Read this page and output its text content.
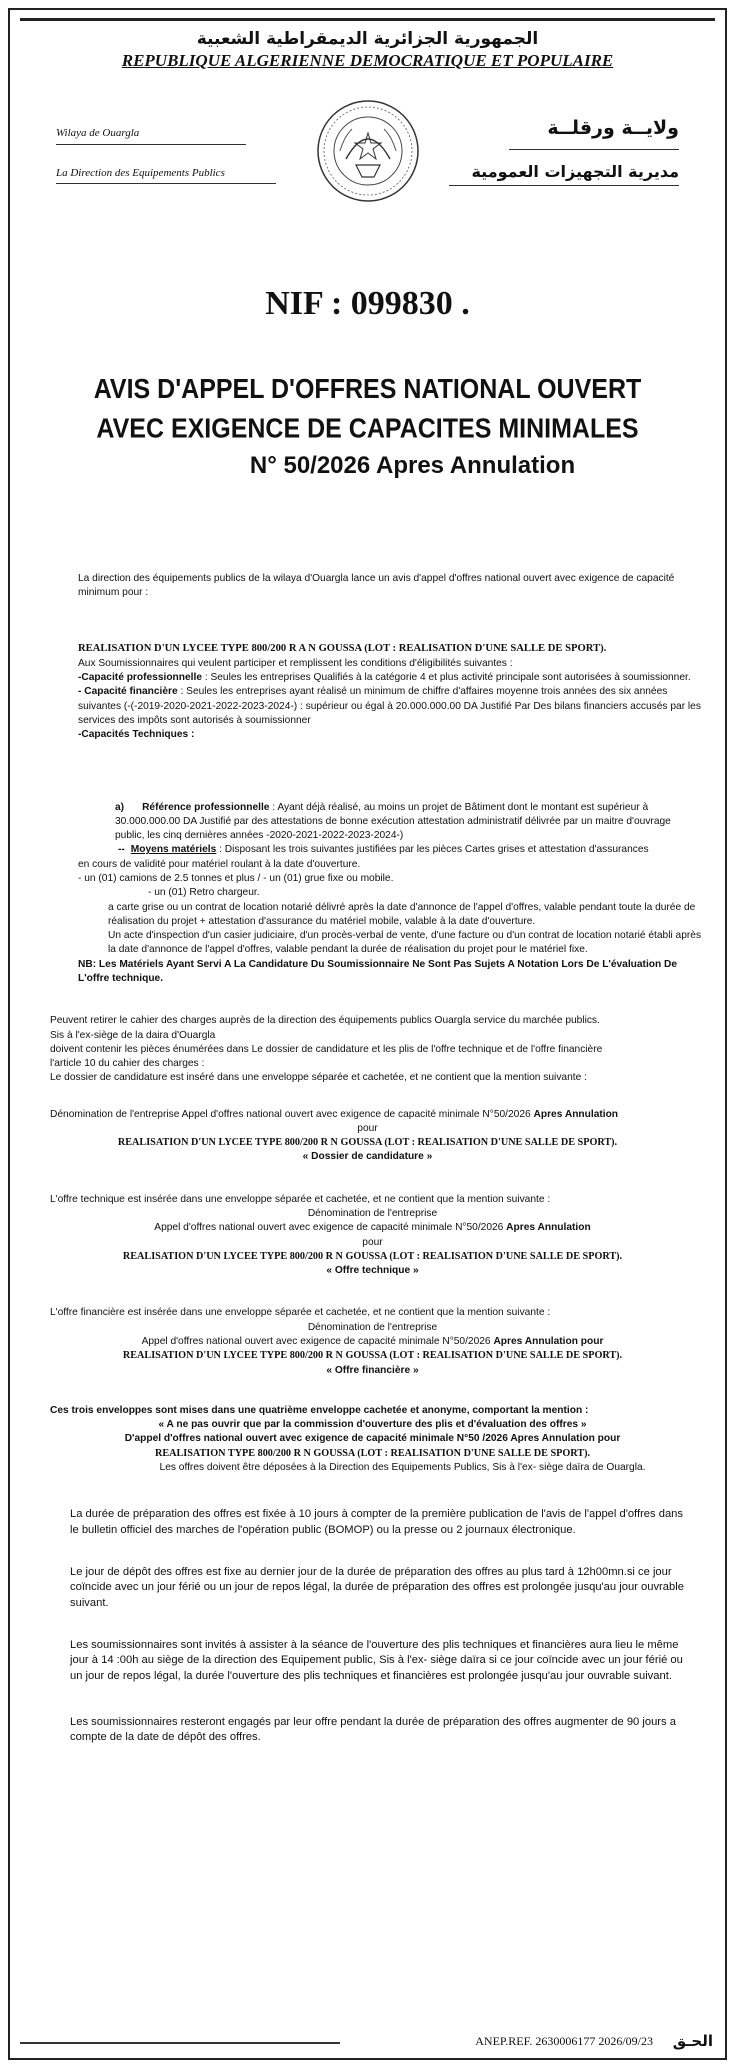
الجمهورية الجزائرية الديمقراطية الشعبية
REPUBLIQUE ALGERIENNE DEMOCRATIQUE ET POPULAIRE
Wilaya de Ouargla
La Direction des Equipements Publics
ولايــة ورقلــة
مديرية التجهيزات العمومية
NIF : 099830 .
AVIS D'APPEL D'OFFRES NATIONAL OUVERT
AVEC EXIGENCE DE CAPACITES MINIMALES
N° 50/2026 Apres Annulation

La direction des équipements publics de la wilaya d'Ouargla lance un avis d'appel d'offres national ouvert avec exigence de capacité minimum pour :

REALISATION D'UN LYCEE TYPE 800/200 R A N GOUSSA (LOT : REALISATION D'UNE SALLE DE SPORT).

Aux Soumissionnaires qui veulent participer et remplissent les conditions d'éligibilités suivantes :

-Capacité professionnelle : Seules les entreprises Qualifiés à la catégorie 4 et plus activité principale sont autorisées à soumissionner.

- Capacité financière : Seules les entreprises ayant réalisé un minimum de chiffre d'affaires moyenne trois années des six années suivantes (-(-2019-2020-2021-2022-2023-2024-) : supérieur ou égal à 20.000.000.00 DA Justifié Par Des bilans financiers accusés par les services des impôts sont autorisés à soumissionner

-Capacités Techniques :

a) Référence professionnelle : Ayant déjà réalisé, au moins un projet de Bâtiment dont le montant est supérieur à 30.000.000.00 DA Justifié par des attestations de bonne exécution attestation administratif délivrée par un maitre d'ouvrage public, les cinq dernières années -2020-2021-2022-2023-2024-)

-- Moyens matériels : Disposant les trois suivantes justifiées par les pièces Cartes grises et attestation d'assurances

en cours de validité pour matériel roulant à la date d'ouverture.

- un (01) camions de 2.5 tonnes et plus / - un (01) grue fixe ou mobile.

- un (01) Retro chargeur.

a carte grise ou un contrat de location notarié délivré après la date d'annonce de l'appel d'offres, valable pendant toute la durée de réalisation du projet + attestation d'assurance du matériel mobile, valable à la date d'ouverture.

Un acte d'inspection d'un casier judiciaire, d'un procès-verbal de vente, d'une facture ou d'un contrat de location notarié établi après la date d'annonce de l'appel d'offres, valable pendant la durée de réalisation du projet pour le matériel fixe.

NB: Les Matériels Ayant Servi A La Candidature Du Soumissionnaire Ne Sont Pas Sujets A Notation Lors De L'évaluation De L'offre technique.

Peuvent retirer le cahier des charges auprès de la direction des équipements publics Ouargla service du marchée publics.

Sis à l'ex-siège de la daira d'Ouargla

doivent contenir les pièces énumérées dans Le dossier de candidature et les plis de l'offre technique et de l'offre financière

l'article 10 du cahier des charges :

Le dossier de candidature est inséré dans une enveloppe séparée et cachetée, et ne contient que la mention suivante :

Dénomination de l'entreprise Appel d'offres national ouvert avec exigence de capacité minimale N°50/2026 Apres Annulation

pour

REALISATION D'UN LYCEE TYPE 800/200 R N GOUSSA (LOT : REALISATION D'UNE SALLE DE SPORT).

« Dossier de candidature »

L'offre technique est insérée dans une enveloppe séparée et cachetée, et ne contient que la mention suivante :

Dénomination de l'entreprise

Appel d'offres national ouvert avec exigence de capacité minimale N°50/2026 Apres Annulation

pour

REALISATION D'UN LYCEE TYPE 800/200 R N GOUSSA (LOT : REALISATION D'UNE SALLE DE SPORT).

« Offre technique »

L'offre financière est insérée dans une enveloppe séparée et cachetée, et ne contient que la mention suivante :

Dénomination de l'entreprise

Appel d'offres national ouvert avec exigence de capacité minimale N°50/2026 Apres Annulation pour

REALISATION D'UN LYCEE TYPE 800/200 R N GOUSSA (LOT : REALISATION D'UNE SALLE DE SPORT).

« Offre financière »

Ces trois enveloppes sont mises dans une quatrième enveloppe cachetée et anonyme, comportant la mention :

« A ne pas ouvrir que par la commission d'ouverture des plis et d'évaluation des offres »

D'appel d'offres national ouvert avec exigence de capacité minimale N°50 /2026 Apres Annulation pour

REALISATION TYPE 800/200 R N GOUSSA (LOT : REALISATION D'UNE SALLE DE SPORT).

Les offres doivent être déposées à la Direction des Equipements Publics, Sis à l'ex- siège daïra de Ouargla.

La durée de préparation des offres est fixée à 10 jours à compter de la première publication de l'avis de l'appel d'offres dans le bulletin officiel des marches de l'opération public (BOMOP) ou la presse ou 2 journaux électronique.

Le jour de dépôt des offres est fixe au dernier jour de la durée de préparation des offres au plus tard à 12h00mn.si ce jour coïncide avec un jour férié ou un jour de repos légal, la durée de préparation des offres est prolongée jusqu'au jour ouvrable suivant.

Les soumissionnaires sont invités à assister à la séance de l'ouverture des plis techniques et financières aura lieu le même jour à 14 :00h au siège de la direction des Equipement public, Sis à l'ex- siège daïra si ce jour coïncide avec un jour férié ou un jour de repos légal, la durée l'ouverture des plis techniques et financières est prolongée jusqu'au jour ouvrable suivant.

Les soumissionnaires resteront engagés par leur offre pendant la durée de préparation des offres augmenter de 90 jours a compte de la date de dépôt des offres.

ANEP.REF. 2630006177 2026/09/23 الحـق
